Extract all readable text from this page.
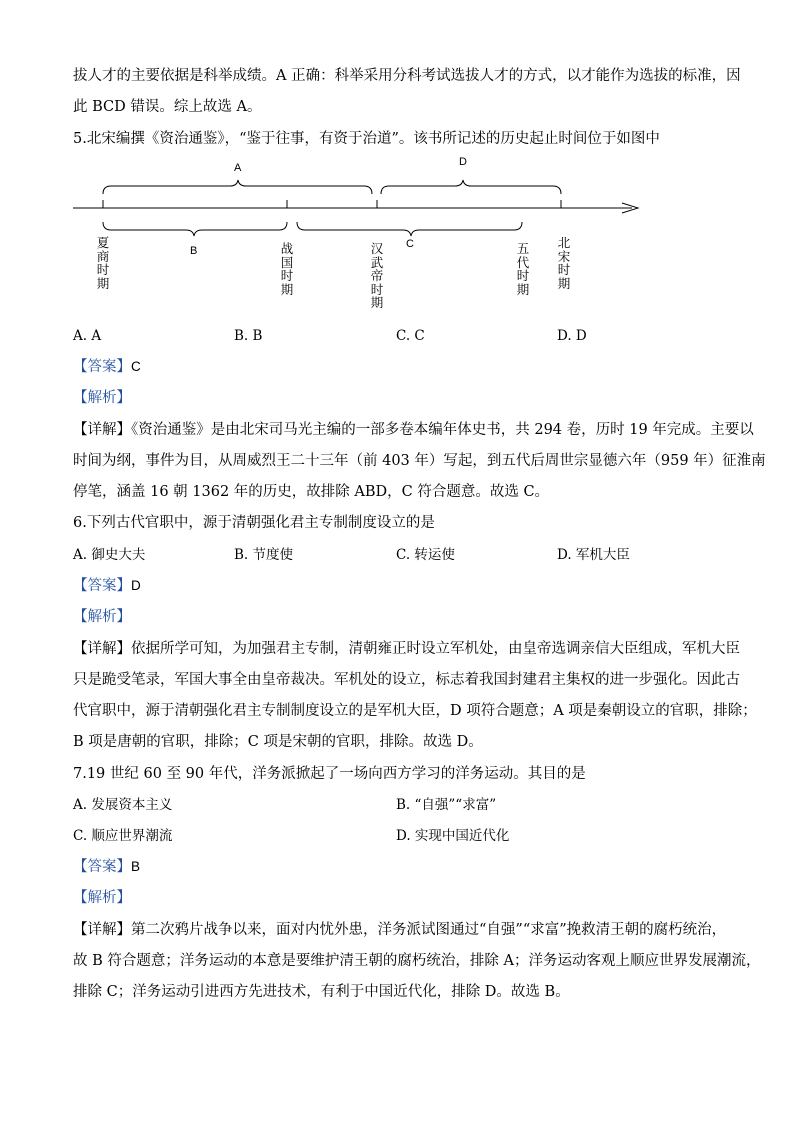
拔人才的主要依据是科举成绩。A 正确：科举采用分科考试选拔人才的方式，以才能作为选拔的标准，因
此 BCD 错误。综上故选 A。
5.北宋编撰《资治通鉴》，“鉴于往事，有资于治道”。该书所记述的历史起止时间位于如图中
A	D
B
C
夏商时期
战国时期
汉武帝时期
五代时期
北宋时期
A. A	B. B	C. C	D. D
【答案】C
【解析】
【详解】《资治通鉴》是由北宋司马光主编的一部多卷本编年体史书，共 294 卷，历时 19 年完成。主要以
时间为纲，事件为目，从周威烈王二十三年（前 403 年）写起，到五代后周世宗显德六年（959 年）征淮南
停笔，涵盖 16 朝 1362 年的历史，故排除 ABD，C 符合题意。故选 C。
6.下列古代官职中，源于清朝强化君主专制制度设立的是
A. 御史大夫	B. 节度使	C. 转运使	D. 军机大臣
【答案】D
【解析】
【详解】依据所学可知，为加强君主专制，清朝雍正时设立军机处，由皇帝选调亲信大臣组成，军机大臣
只是跪受笔录，军国大事全由皇帝裁决。军机处的设立，标志着我国封建君主集权的进一步强化。因此古
代官职中，源于清朝强化君主专制制度设立的是军机大臣，D 项符合题意；A 项是秦朝设立的官职，排除；
B 项是唐朝的官职，排除；C 项是宋朝的官职，排除。故选 D。
7.19 世纪 60 至 90 年代，洋务派掀起了一场向西方学习的洋务运动。其目的是
A. 发展资本主义	B. “自强”“求富”
C. 顺应世界潮流	D. 实现中国近代化
【答案】B
【解析】
【详解】第二次鸦片战争以来，面对内忧外患，洋务派试图通过“自强”“求富”挽救清王朝的腐朽统治，
故 B 符合题意；洋务运动的本意是要维护清王朝的腐朽统治，排除 A；洋务运动客观上顺应世界发展潮流，
排除 C；洋务运动引进西方先进技术，有利于中国近代化，排除 D。故选 B。
